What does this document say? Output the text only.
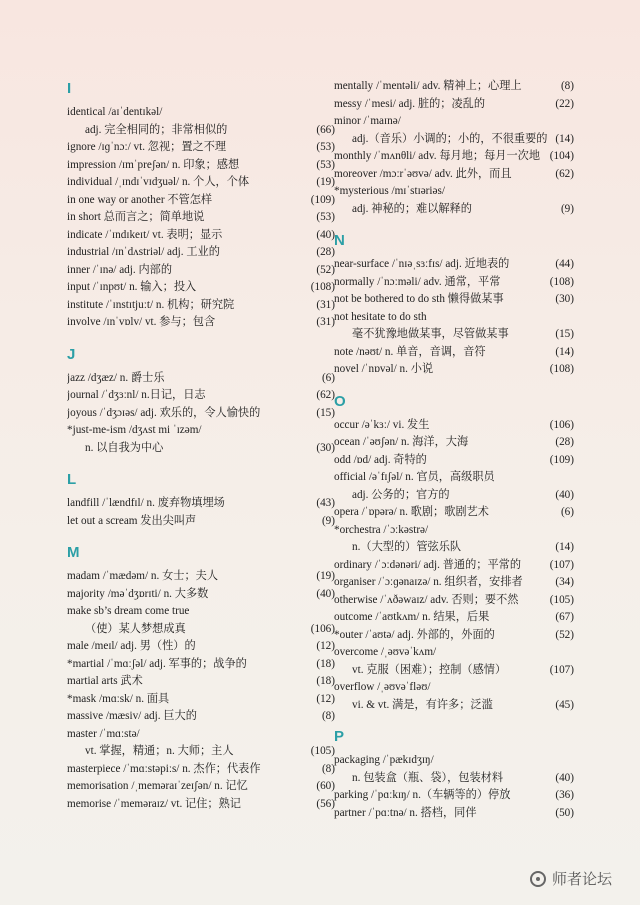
I
identical /aɪˈdentɪkəl/
adj. 完全相同的；非常相似的	(66)
ignore /ɪɡˈnɔː/ vt. 忽视；置之不理	(53)
impression /ɪmˈpreʃən/ n. 印象；感想	(53)
individual /ˌɪndɪˈvɪdʒuəl/ n. 个人，个体	(19)
in one way or another 不管怎样	(109)
in short 总而言之；简单地说	(53)
indicate /ˈɪndɪkeɪt/ vt. 表明；显示	(40)
industrial /ɪnˈdʌstriəl/ adj. 工业的	(28)
inner /ˈɪnə/ adj. 内部的	(52)
input /ˈɪnpʊt/ n. 输入；投入	(108)
institute /ˈɪnstɪtjuːt/ n. 机构；研究院	(31)
involve /ɪnˈvɒlv/ vt. 参与；包含	(31)
J
jazz /dʒæz/ n. 爵士乐	(6)
journal /ˈdʒɜːnl/ n.日记，日志	(62)
joyous /ˈdʒɔɪəs/ adj. 欢乐的，令人愉快的	(15)
*just-me-ism /dʒʌst mi ˈɪzəm/
n. 以自我为中心	(30)
L
landfill /ˈlændfɪl/ n. 废弃物填埋场	(43)
let out a scream 发出尖叫声	(9)
M
madam /ˈmædəm/ n. 女士；夫人	(19)
majority /məˈdʒɒrɪti/ n. 大多数	(40)
make sb’s dream come true
（使）某人梦想成真	(106)
male /meɪl/ adj. 男（性）的	(12)
*martial /ˈmɑːʃəl/ adj. 军事的；战争的	(18)
martial arts 武术	(18)
*mask /mɑːsk/ n. 面具	(12)
massive /mæsiv/ adj. 巨大的	(8)
master /ˈmɑːstə/
vt. 掌握，精通；n. 大师；主人	(105)
masterpiece /ˈmɑːstəpiːs/ n. 杰作；代表作	(8)
memorisation /ˌmemərаɪˈzeɪʃən/ n. 记忆	(60)
memorise /ˈmeməraɪz/ vt. 记住；熟记	(56)
mentally /ˈmentəli/ adv. 精神上；心理上	(8)
messy /ˈmesi/ adj. 脏的；凌乱的	(22)
minor /ˈmaɪnə/
adj.（音乐）小调的；小的，不很重要的 (14)
monthly /ˈmʌnθli/ adv. 每月地；每月一次地 (104)
moreover /mɔːrˈəʊvə/ adv. 此外，而且	(62)
*mysterious /mɪˈstɪəriəs/
adj. 神秘的；难以解释的	(9)
N
near-surface /ˈnɪəˌsɜːfɪs/ adj. 近地表的	(44)
normally /ˈnɔːməli/ adv. 通常，平常	(108)
not be bothered to do sth 懒得做某事	(30)
not hesitate to do sth
毫不犹豫地做某事，尽管做某事	(15)
note /nəʊt/ n. 单音，音调，音符	(14)
novel /ˈnɒvəl/ n. 小说	(108)
O
occur /əˈkɜː/ vi. 发生	(106)
ocean /ˈəʊʃən/ n. 海洋，大海	(28)
odd /ɒd/ adj. 奇特的	(109)
official /əˈfɪʃəl/ n. 官员，高级职员
adj. 公务的；官方的	(40)
opera /ˈɒpərə/ n. 歌剧；歌剧艺术	(6)
*orchestra /ˈɔːkəstrə/
n.（大型的）管弦乐队	(14)
ordinary /ˈɔːdənəri/ adj. 普通的；平常的	(107)
organiser /ˈɔːɡənaɪzə/ n. 组织者，安排者	(34)
otherwise /ˈʌðəwaɪz/ adv. 否则；要不然	(105)
outcome /ˈaʊtkʌm/ n. 结果，后果	(67)
*outer /ˈaʊtə/ adj. 外部的，外面的	(52)
overcome /ˌəʊvəˈkʌm/
vt. 克服（困难）；控制（感情）	(107)
overflow /ˌəʊvəˈfləʊ/
vi. & vt. 满是，有许多；泛滥	(45)
P
packaging /ˈpækɪdʒɪŋ/
n. 包装盒（瓶、袋），包装材料	(40)
parking /ˈpɑːkɪŋ/ n.（车辆等的）停放	(36)
partner /ˈpɑːtnə/ n. 搭档，同伴	(50)
师者论坛
